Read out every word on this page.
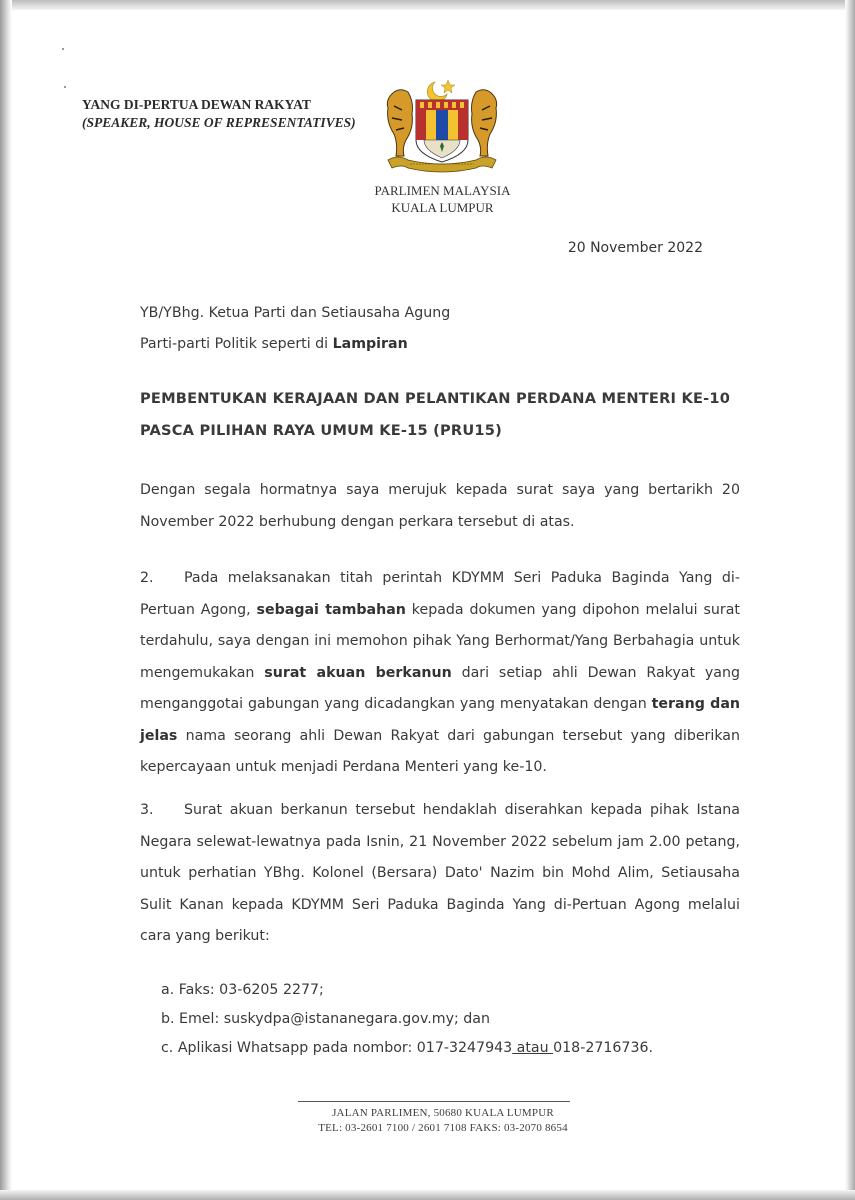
YANG DI-PERTUA DEWAN RAKYAT
(SPEAKER, HOUSE OF REPRESENTATIVES)
PARLIMEN MALAYSIA
KUALA LUMPUR
20 November 2022
YB/YBhg. Ketua Parti dan Setiausaha Agung
Parti-parti Politik seperti di Lampiran
PEMBENTUKAN KERAJAAN DAN PELANTIKAN PERDANA MENTERI KE-10
PASCA PILIHAN RAYA UMUM KE-15 (PRU15)
Dengan segala hormatnya saya merujuk kepada surat saya yang bertarikh 20 November 2022 berhubung dengan perkara tersebut di atas.
2. Pada melaksanakan titah perintah KDYMM Seri Paduka Baginda Yang di-Pertuan Agong, sebagai tambahan kepada dokumen yang dipohon melalui surat terdahulu, saya dengan ini memohon pihak Yang Berhormat/Yang Berbahagia untuk mengemukakan surat akuan berkanun dari setiap ahli Dewan Rakyat yang menganggotai gabungan yang dicadangkan yang menyatakan dengan terang dan jelas nama seorang ahli Dewan Rakyat dari gabungan tersebut yang diberikan kepercayaan untuk menjadi Perdana Menteri yang ke-10.
3. Surat akuan berkanun tersebut hendaklah diserahkan kepada pihak Istana Negara selewat-lewatnya pada Isnin, 21 November 2022 sebelum jam 2.00 petang, untuk perhatian YBhg. Kolonel (Bersara) Dato' Nazim bin Mohd Alim, Setiausaha Sulit Kanan kepada KDYMM Seri Paduka Baginda Yang di-Pertuan Agong melalui cara yang berikut:
a. Faks: 03-6205 2277;
b. Emel: suskydpa@istananegara.gov.my; dan
c. Aplikasi Whatsapp pada nombor: 017-3247943 atau 018-2716736.
JALAN PARLIMEN, 50680 KUALA LUMPUR
TEL: 03-2601 7100 / 2601 7108 FAKS: 03-2070 8654
